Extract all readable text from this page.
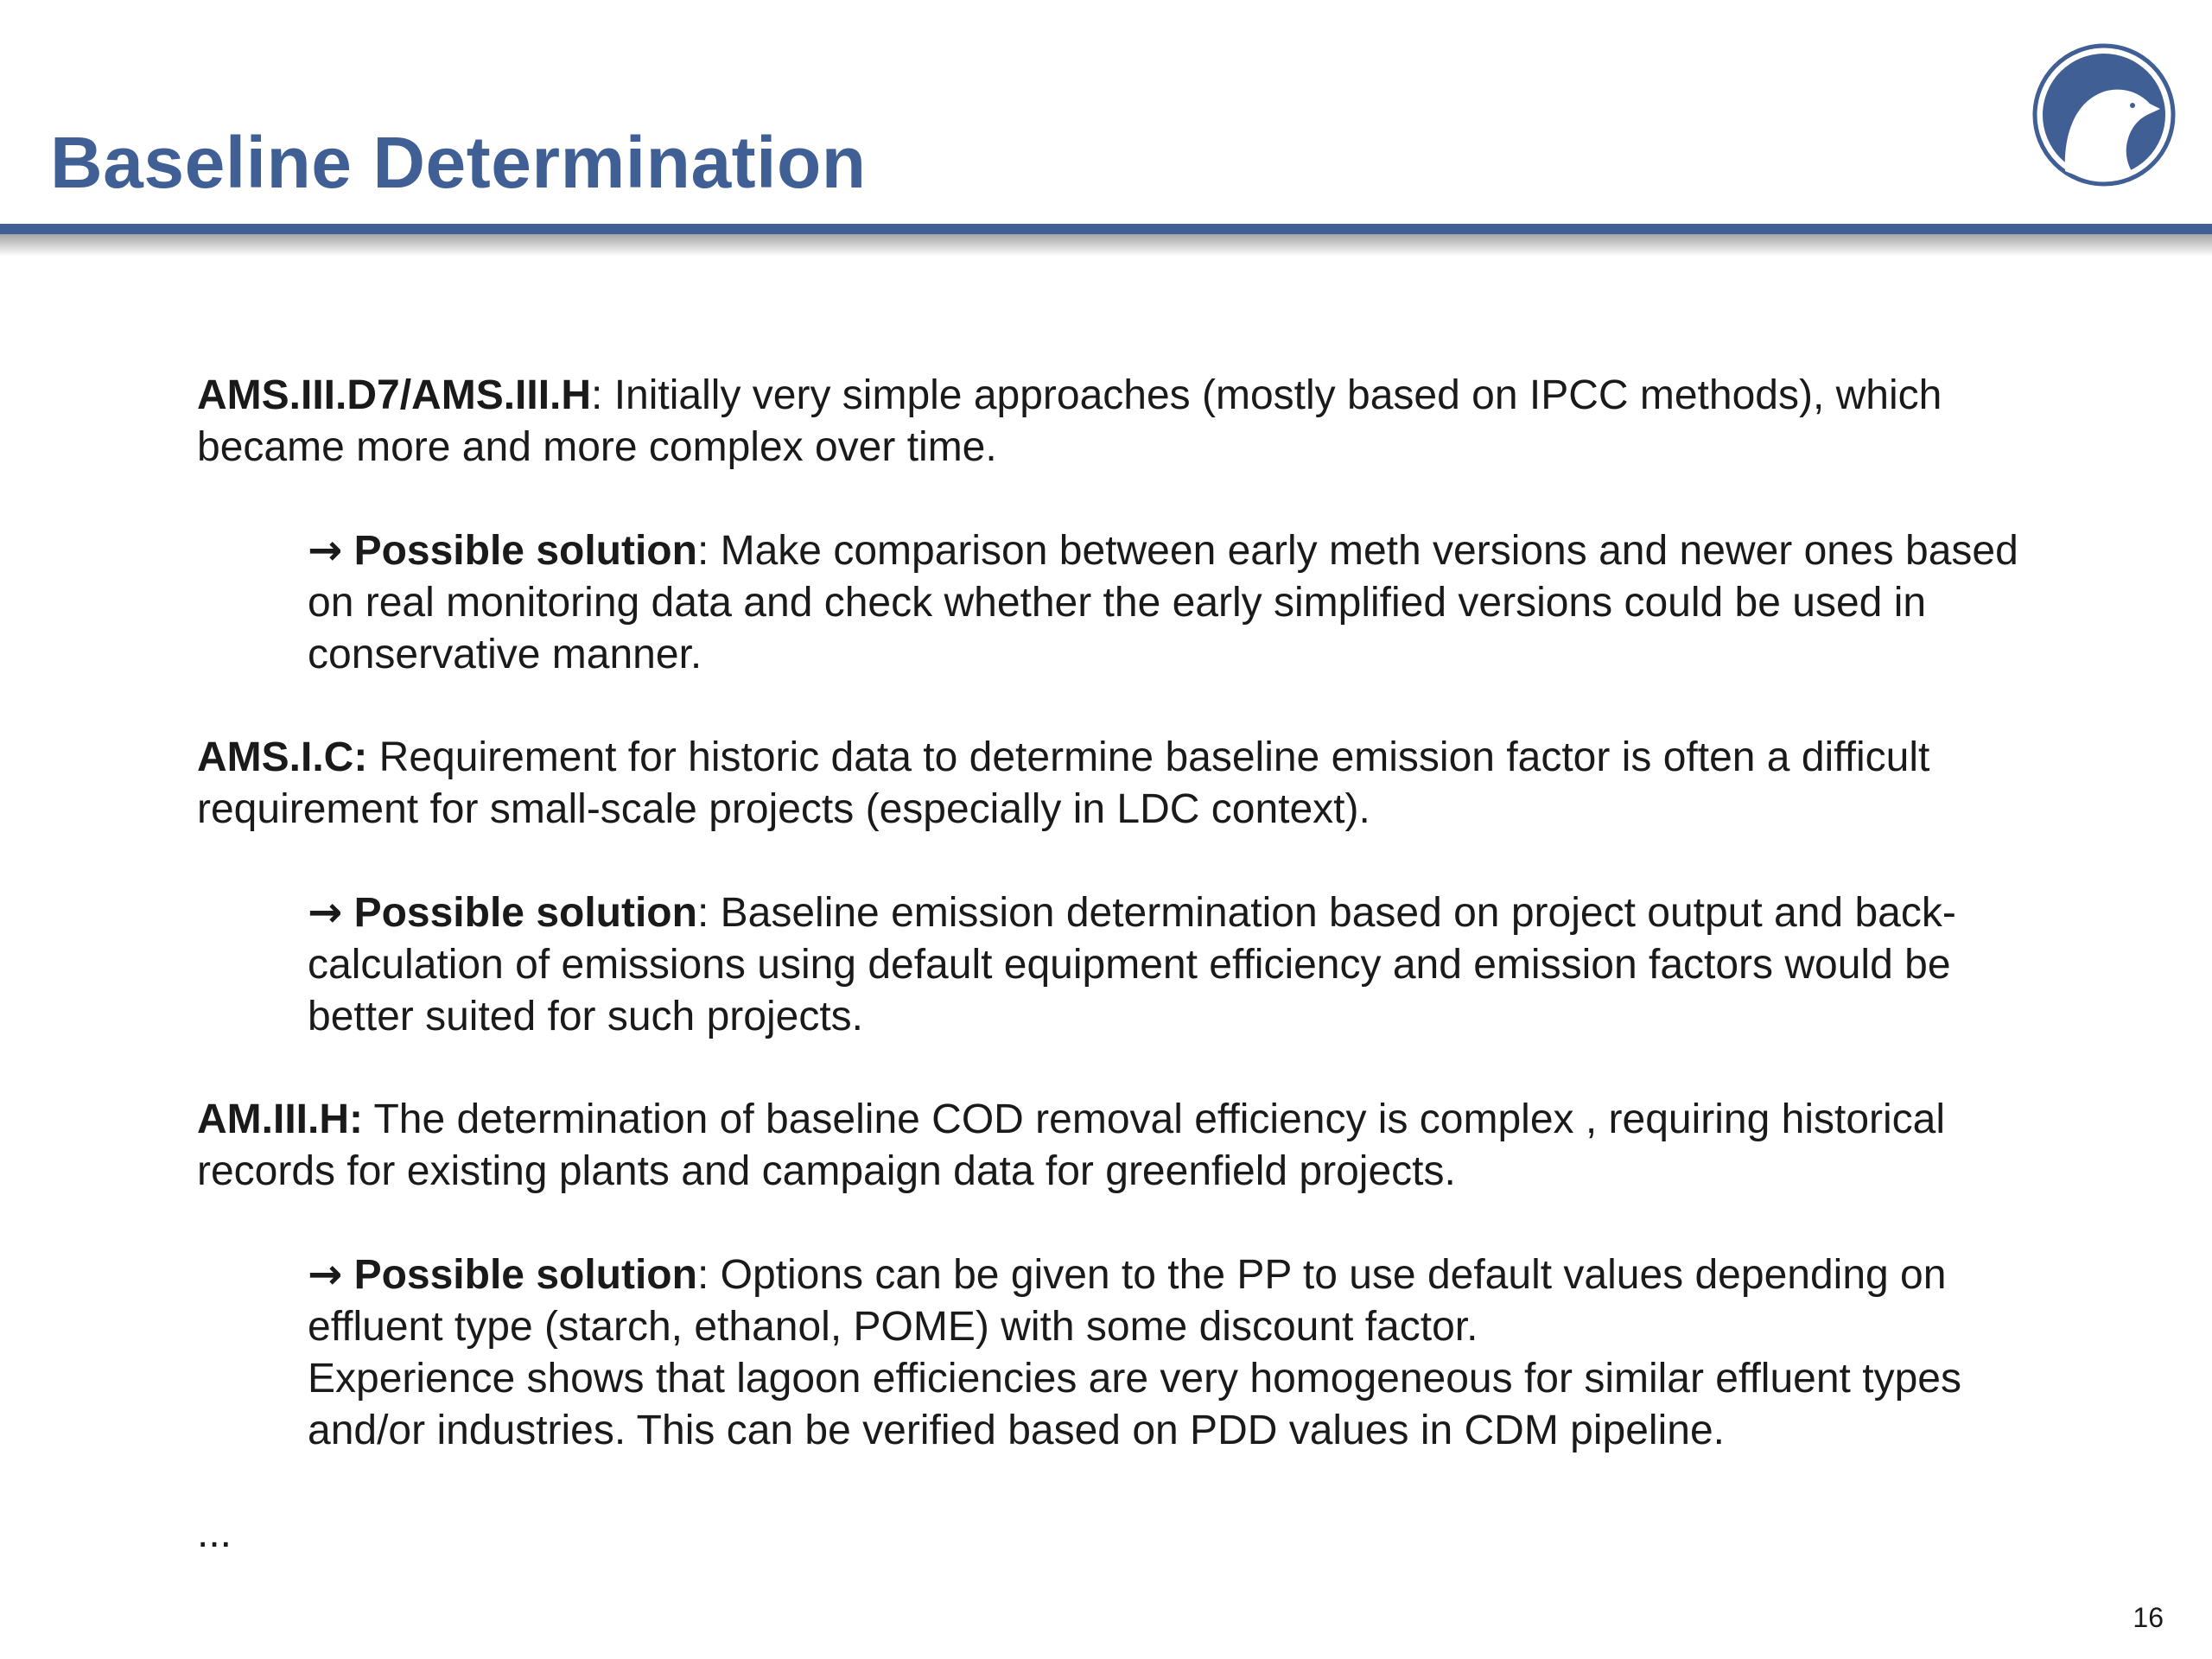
Baseline Determination

AMS.III.D7/AMS.III.H: Initially very simple approaches (mostly based on IPCC methods), which became more and more complex over time.

→ Possible solution: Make comparison between early meth versions and newer ones based on real monitoring data and check whether the early simplified versions could be used in conservative manner.

AMS.I.C: Requirement for historic data to determine baseline emission factor is often a difficult requirement for small-scale projects (especially in LDC context).

→ Possible solution: Baseline emission determination based on project output and back-calculation of emissions using default equipment efficiency and emission factors would be better suited for such projects.

AM.III.H: The determination of baseline COD removal efficiency is complex , requiring historical records for existing plants and campaign data for greenfield projects.

→ Possible solution: Options can be given to the PP to use default values depending on effluent type (starch, ethanol, POME) with some discount factor.
Experience shows that lagoon efficiencies are very homogeneous for similar effluent types and/or industries. This can be verified based on PDD values in CDM pipeline.

...

16
